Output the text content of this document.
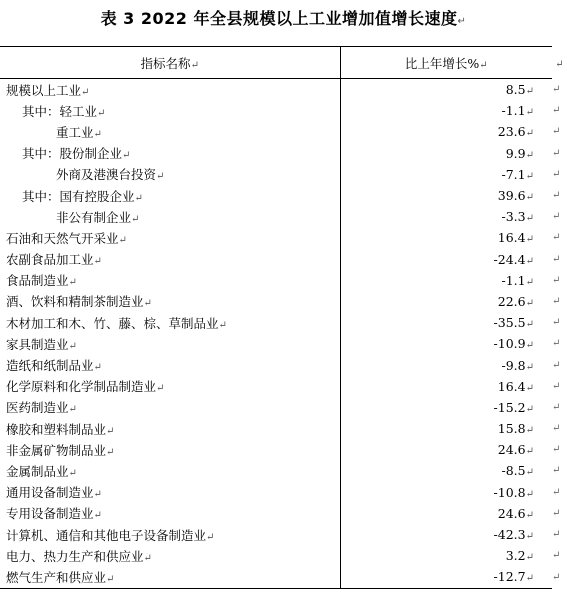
表 3 2022 年全县规模以上工业增加值增长速度↵
指标名称↵	比上年增长%↵	↵
规模以上工业↵	8.5↵	↵
其中：轻工业↵	-1.1↵	↵
重工业↵	23.6↵	↵
其中：股份制企业↵	9.9↵	↵
外商及港澳台投资↵	-7.1↵	↵
其中：国有控股企业↵	39.6↵	↵
非公有制企业↵	-3.3↵	↵
石油和天然气开采业↵	16.4↵	↵
农副食品加工业↵	-24.4↵	↵
食品制造业↵	-1.1↵	↵
酒、饮料和精制茶制造业↵	22.6↵	↵
木材加工和木、竹、藤、棕、草制品业↵	-35.5↵	↵
家具制造业↵	-10.9↵	↵
造纸和纸制品业↵	-9.8↵	↵
化学原料和化学制品制造业↵	16.4↵	↵
医药制造业↵	-15.2↵	↵
橡胶和塑料制品业↵	15.8↵	↵
非金属矿物制品业↵	24.6↵	↵
金属制品业↵	-8.5↵	↵
通用设备制造业↵	-10.8↵	↵
专用设备制造业↵	24.6↵	↵
计算机、通信和其他电子设备制造业↵	-42.3↵	↵
电力、热力生产和供应业↵	3.2↵	↵
燃气生产和供应业↵	-12.7↵	↵
